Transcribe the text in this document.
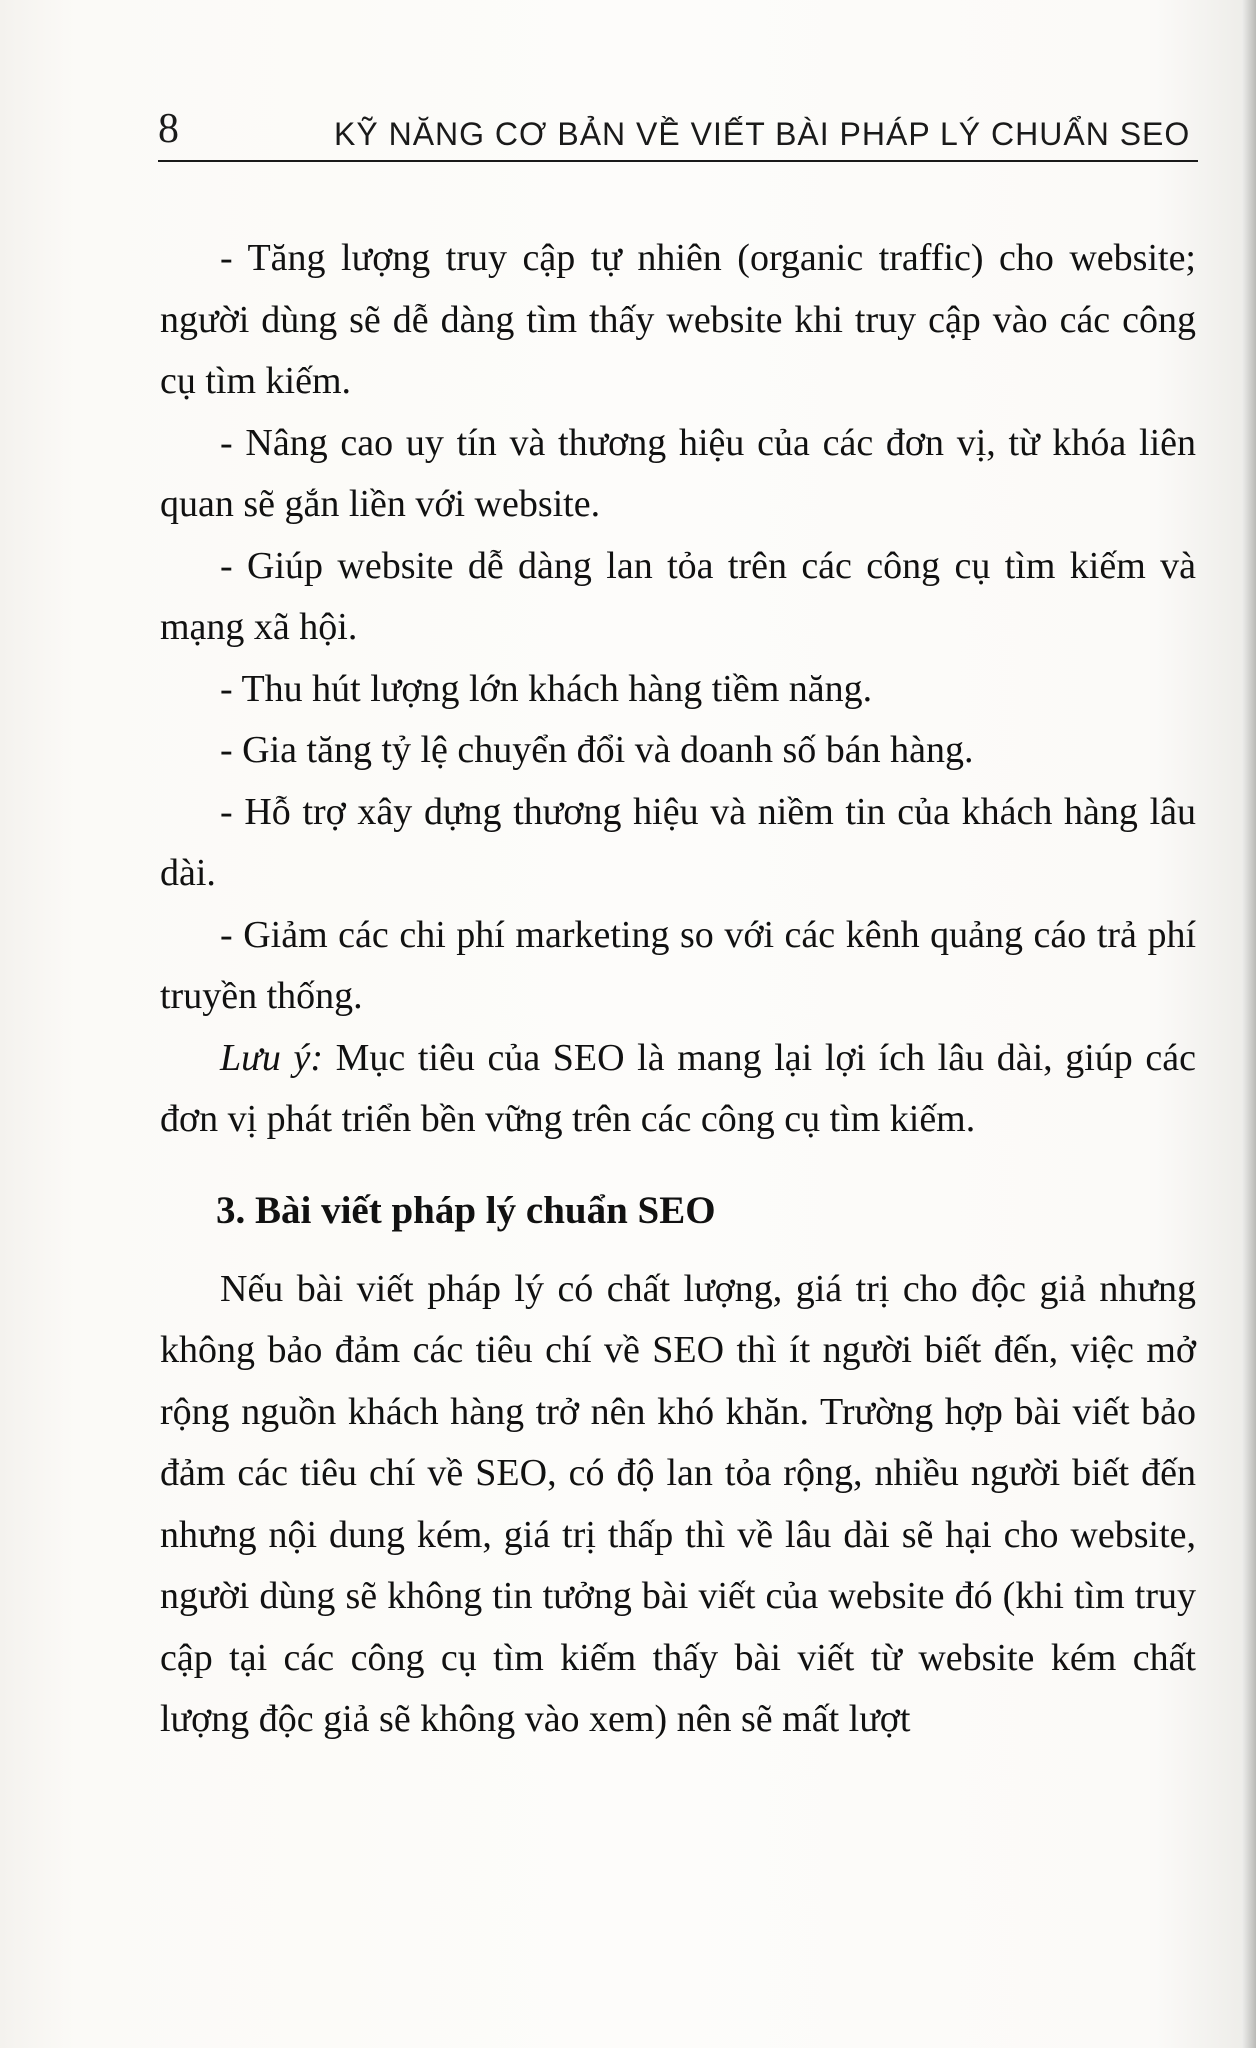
8	KỸ NĂNG CƠ BẢN VỀ VIẾT BÀI PHÁP LÝ CHUẨN SEO

- Tăng lượng truy cập tự nhiên (organic traffic) cho website; người dùng sẽ dễ dàng tìm thấy website khi truy cập vào các công cụ tìm kiếm.

- Nâng cao uy tín và thương hiệu của các đơn vị, từ khóa liên quan sẽ gắn liền với website.

- Giúp website dễ dàng lan tỏa trên các công cụ tìm kiếm và mạng xã hội.

- Thu hút lượng lớn khách hàng tiềm năng.

- Gia tăng tỷ lệ chuyển đổi và doanh số bán hàng.

- Hỗ trợ xây dựng thương hiệu và niềm tin của khách hàng lâu dài.

- Giảm các chi phí marketing so với các kênh quảng cáo trả phí truyền thống.

Lưu ý: Mục tiêu của SEO là mang lại lợi ích lâu dài, giúp các đơn vị phát triển bền vững trên các công cụ tìm kiếm.

3. Bài viết pháp lý chuẩn SEO

Nếu bài viết pháp lý có chất lượng, giá trị cho độc giả nhưng không bảo đảm các tiêu chí về SEO thì ít người biết đến, việc mở rộng nguồn khách hàng trở nên khó khăn. Trường hợp bài viết bảo đảm các tiêu chí về SEO, có độ lan tỏa rộng, nhiều người biết đến nhưng nội dung kém, giá trị thấp thì về lâu dài sẽ hại cho website, người dùng sẽ không tin tưởng bài viết của website đó (khi tìm truy cập tại các công cụ tìm kiếm thấy bài viết từ website kém chất lượng độc giả sẽ không vào xem) nên sẽ mất lượt
